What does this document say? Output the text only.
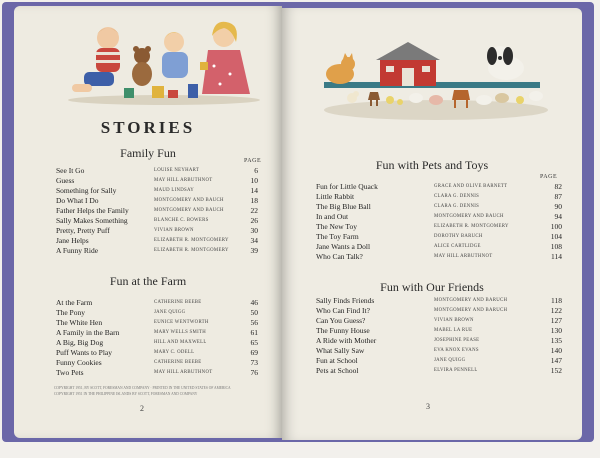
STORIES
Family Fun
PAGE
See It Go	LOUISE NEYHART	6
Guess	MAY HILL ARBUTHNOT	10
Something for Sally	MAUD LINDSAY	14
Do What I Do	MONTGOMERY AND BAUCH	18
Father Helps the Family	MONTGOMERY AND BAUCH	22
Sally Makes Something	BLANCHE C. BOWERS	26
Pretty, Pretty Puff	VIVIAN BROWN	30
Jane Helps	ELIZABETH R. MONTGOMERY	34
A Funny Ride	ELIZABETH R. MONTGOMERY	39
Fun at the Farm
At the Farm	CATHERINE BEEBE	46
The Pony	JANE QUIGG	50
The White Hen	EUNICE WENTWORTH	56
A Family in the Barn	MARY WELLS SMITH	61
A Big, Big Dog	HILL AND MAXWELL	65
Puff Wants to Play	MARY C. ODELL	69
Funny Cookies	CATHERINE BEEBE	73
Two Pets	MAY HILL ARBUTHNOT	76
COPYRIGHT 1951, BY SCOTT, FORESMAN AND COMPANY · PRINTED IN THE UNITED STATES OF AMERICA
COPYRIGHT 1951 IN THE PHILIPPINE ISLANDS BY SCOTT, FORESMAN AND COMPANY
2
Fun with Pets and Toys
PAGE
Fun for Little Quack	GRACE AND OLIVE BARNETT	82
Little Rabbit	CLARA G. DENNIS	87
The Big Blue Ball	CLARA G. DENNIS	90
In and Out	MONTGOMERY AND BAUCH	94
The New Toy	ELIZABETH R. MONTGOMERY	100
The Toy Farm	DOROTHY BARUCH	104
Jane Wants a Doll	ALICE CARTLIDGE	108
Who Can Talk?	MAY HILL ARBUTHNOT	114
Fun with Our Friends
Sally Finds Friends	MONTGOMERY AND BARUCH	118
Who Can Find It?	MONTGOMERY AND BARUCH	122
Can You Guess?	VIVIAN BROWN	127
The Funny House	MABEL LA RUE	130
A Ride with Mother	JOSEPHINE PEASE	135
What Sally Saw	EVA KNOX EVANS	140
Fun at School	JANE QUIGG	147
Pets at School	ELVIRA PENNELL	152
3
